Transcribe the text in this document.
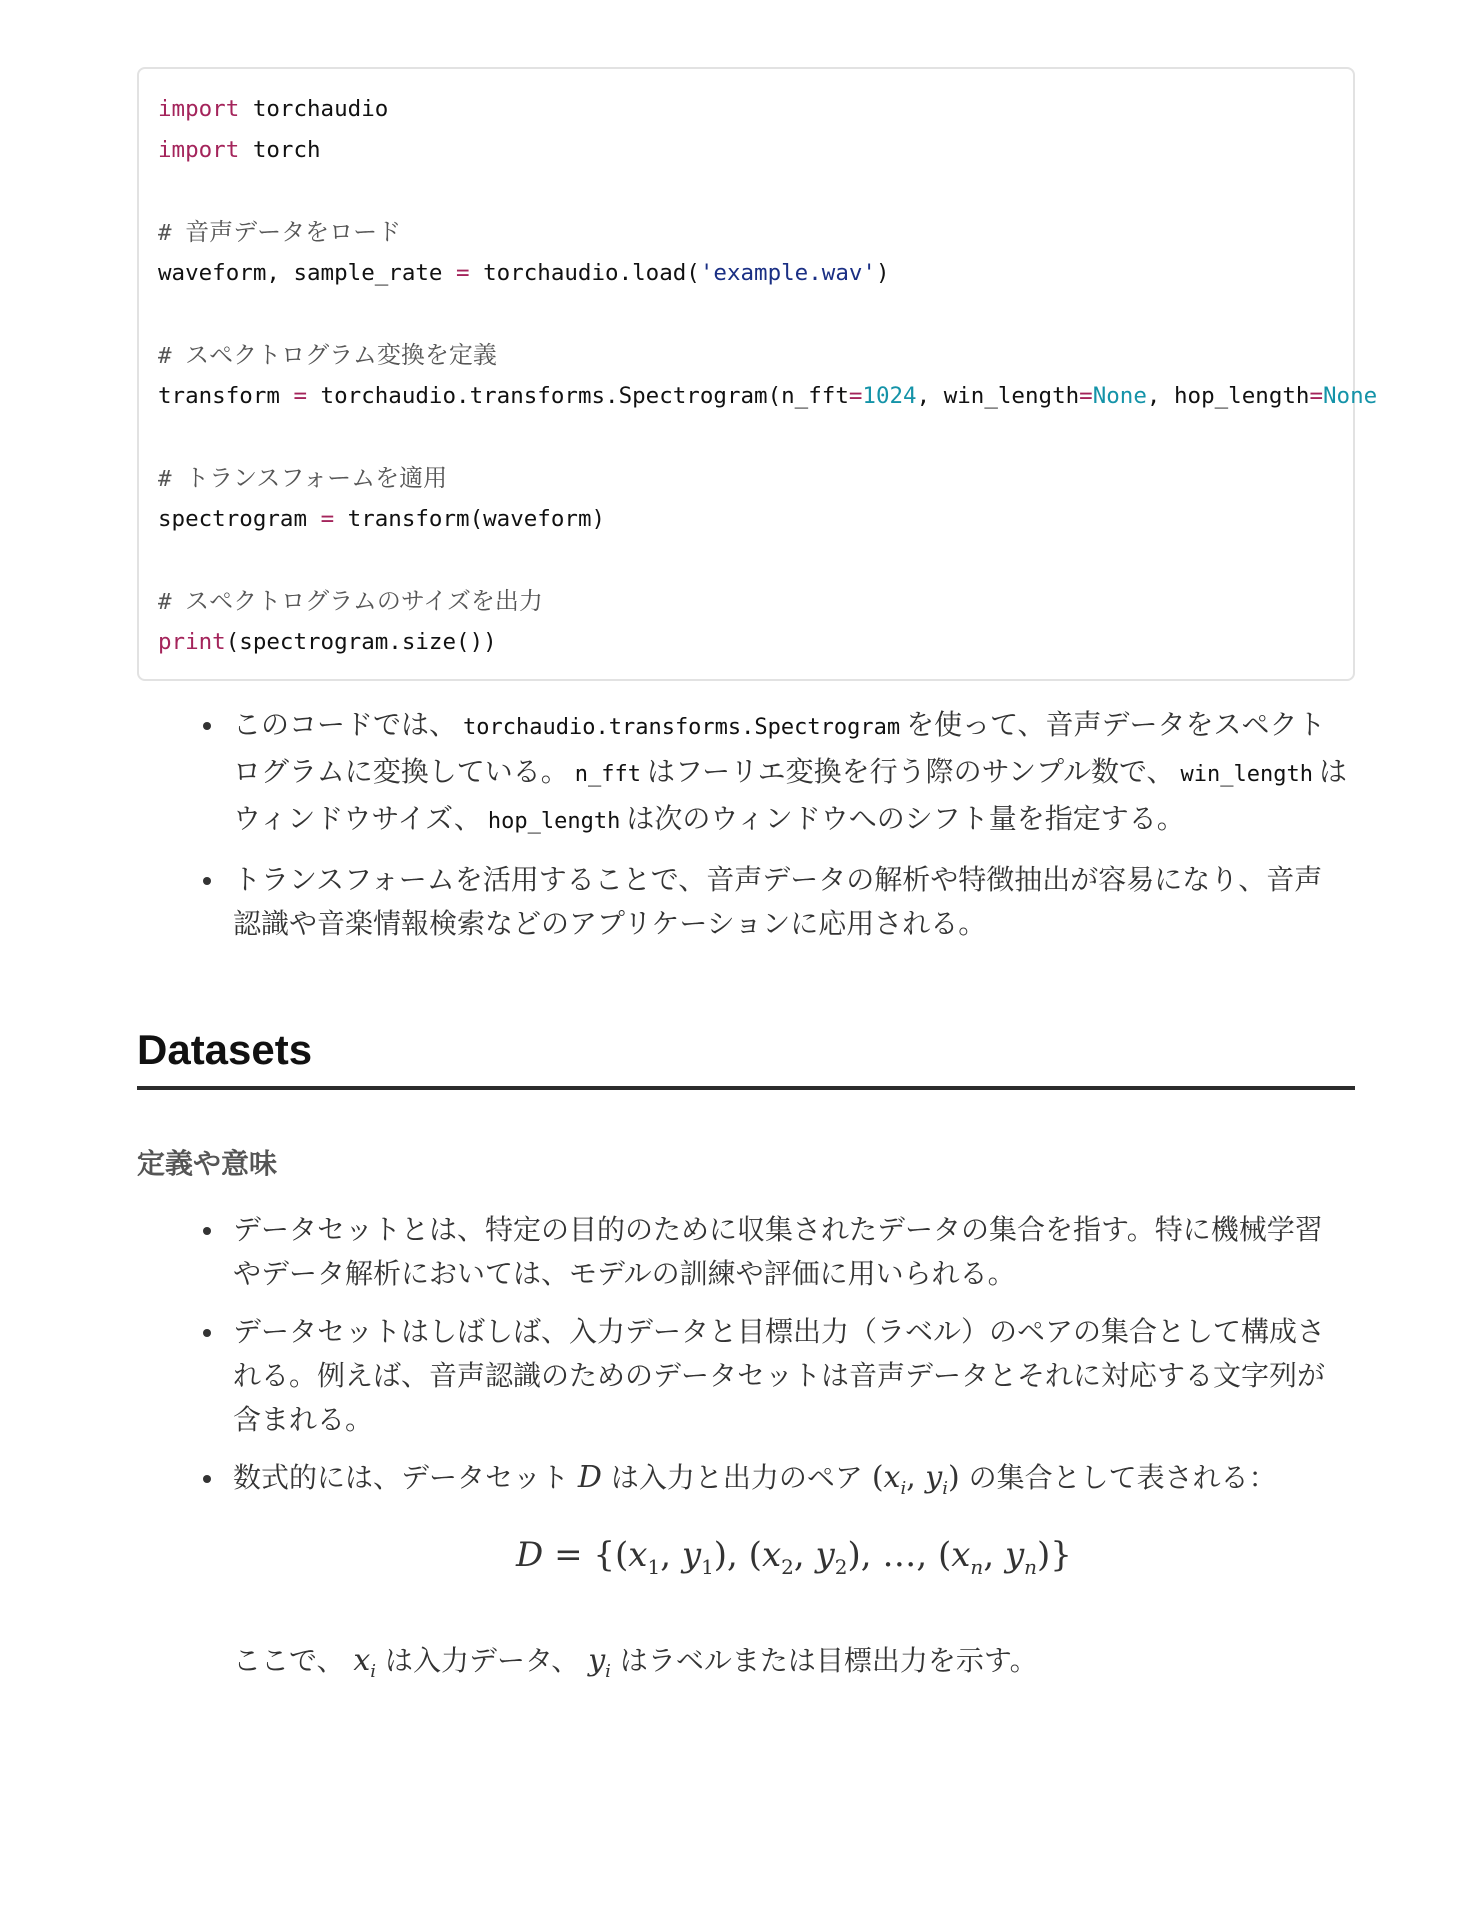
import torchaudio
import torch
# 音声データをロード
waveform, sample_rate = torchaudio.load('example.wav')
# スペクトログラム変換を定義
transform = torchaudio.transforms.Spectrogram(n_fft=1024, win_length=None, hop_length=None
# トランスフォームを適用
spectrogram = transform(waveform)
# スペクトログラムのサイズを出力
print(spectrogram.size())
このコードでは、 torchaudio.transforms.Spectrogram を使って、音声データをスペクトログラムに変換している。 n_fft はフーリエ変換を行う際のサンプル数で、 win_length はウィンドウサイズ、 hop_length は次のウィンドウへのシフト量を指定する。
トランスフォームを活用することで、音声データの解析や特徴抽出が容易になり、音声認識や音楽情報検索などのアプリケーションに応用される。
Datasets
定義や意味
データセットとは、特定の目的のために収集されたデータの集合を指す。特に機械学習やデータ解析においては、モデルの訓練や評価に用いられる。
データセットはしばしば、入力データと目標出力（ラベル）のペアの集合として構成される。例えば、音声認識のためのデータセットは音声データとそれに対応する文字列が含まれる。
数式的には、データセット D は入力と出力のペア ($x_i$, $y_i$) の集合として表される：
$D = \{(x_1$, $y_1$), ($x_2$, $y_2$), …, ($x_n$, $y_n$)}
ここで、 $x_i$ は入力データ、 $y_i$ はラベルまたは目標出力を示す。
